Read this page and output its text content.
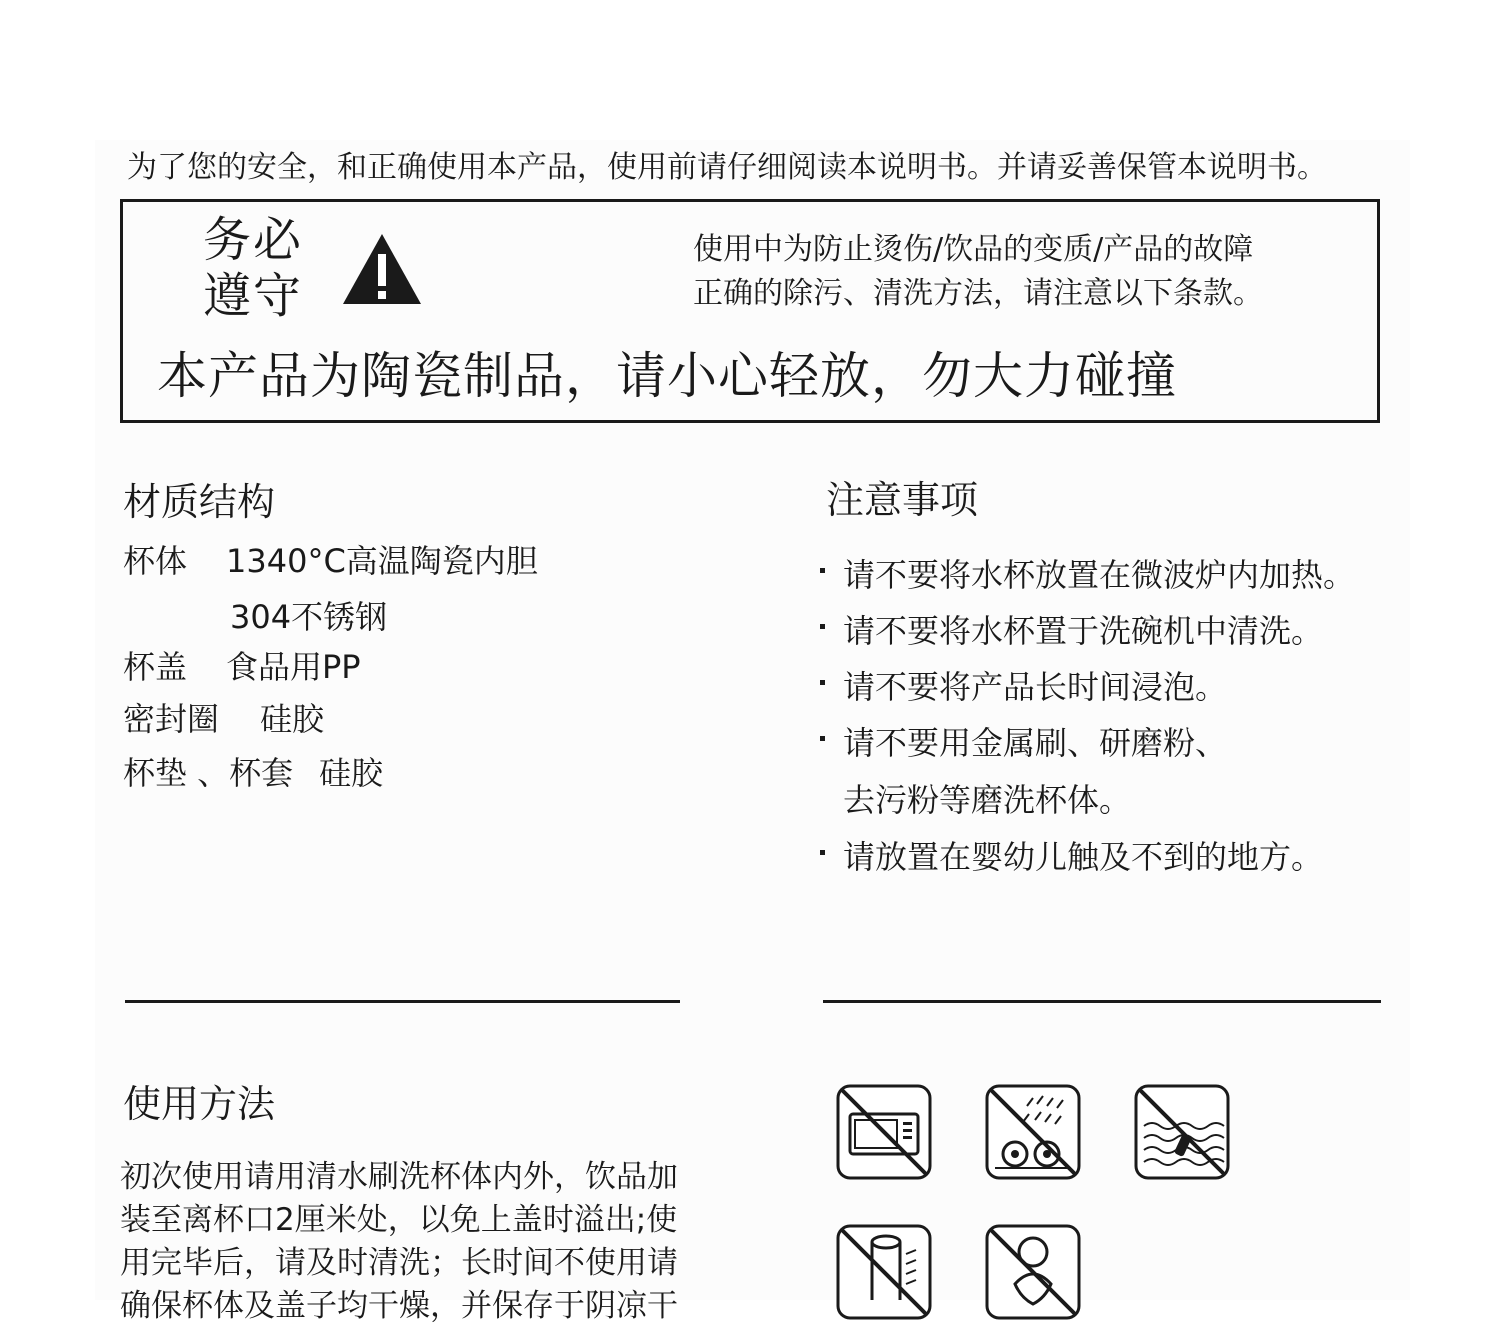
为了您的安全，和正确使用本产品，使用前请仔细阅读本说明书。并请妥善保管本说明书。
务必
遵守
使用中为防止烫伤/饮品的变质/产品的故障
正确的除污、清洗方法，请注意以下条款。
本产品为陶瓷制品，请小心轻放，勿大力碰撞
材质结构
杯体 1340°C高温陶瓷内胆
304不锈钢
杯盖 食品用PP
密封圈 硅胶
杯垫 、杯套 硅胶
注意事项
请不要将水杯放置在微波炉内加热。
请不要将水杯置于洗碗机中清洗。
请不要将产品长时间浸泡。
请不要用金属刷、研磨粉、
去污粉等磨洗杯体。
请放置在婴幼儿触及不到的地方。
使用方法
初次使用请用清水刷洗杯体内外，饮品加
装至离杯口2厘米处，以免上盖时溢出;使
用完毕后，请及时清洗；长时间不使用请
确保杯体及盖子均干燥，并保存于阴凉干
